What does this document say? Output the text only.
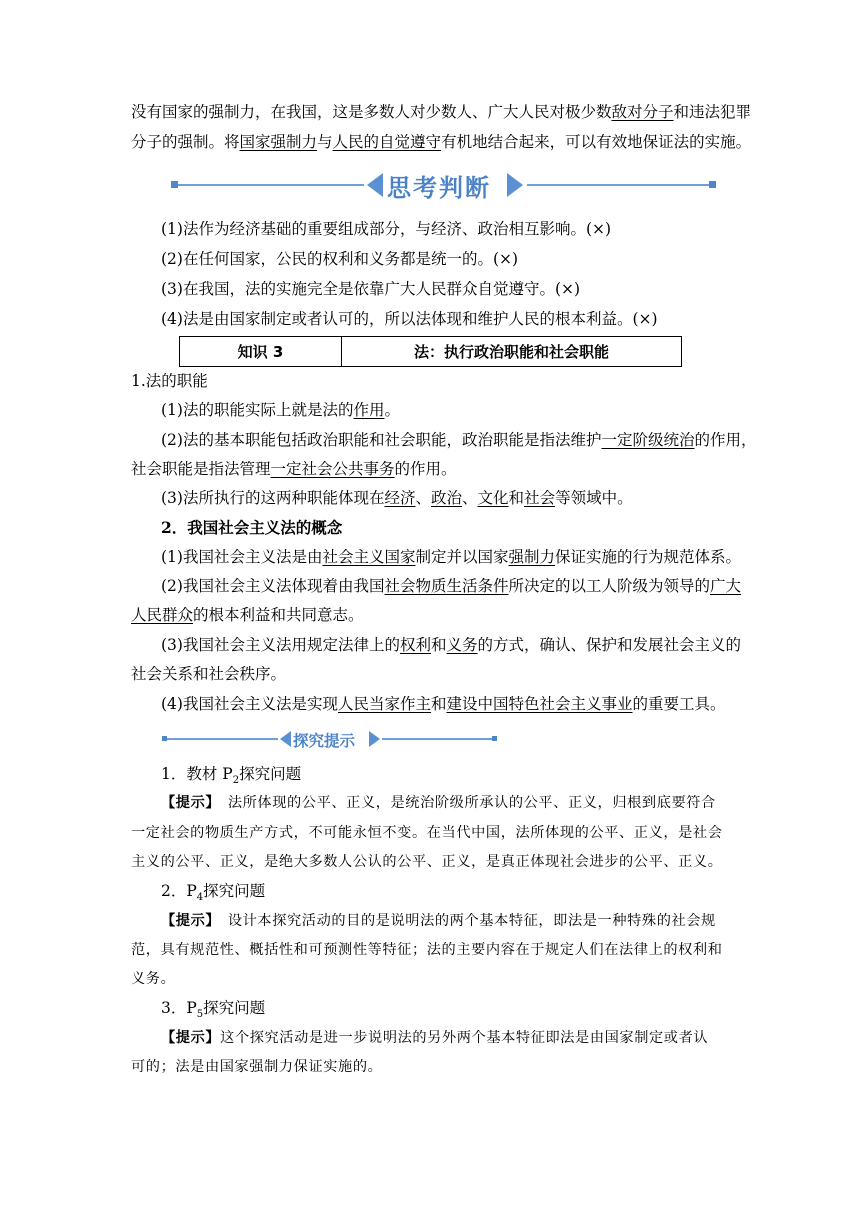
没有国家的强制力，在我国，这是多数人对少数人、广大人民对极少数敌对分子和违法犯罪
分子的强制。将国家强制力与人民的自觉遵守有机地结合起来，可以有效地保证法的实施。
思考判断
(1)法作为经济基础的重要组成部分，与经济、政治相互影响。(×)
(2)在任何国家，公民的权利和义务都是统一的。(×)
(3)在我国，法的实施完全是依靠广大人民群众自觉遵守。(×)
(4)法是由国家制定或者认可的，所以法体现和维护人民的根本利益。(×)
知识 3	法：执行政治职能和社会职能
1.法的职能
(1)法的职能实际上就是法的作用。
(2)法的基本职能包括政治职能和社会职能，政治职能是指法维护一定阶级统治的作用，
社会职能是指法管理一定社会公共事务的作用。
(3)法所执行的这两种职能体现在经济、政治、文化和社会等领域中。
2．我国社会主义法的概念
(1)我国社会主义法是由社会主义国家制定并以国家强制力保证实施的行为规范体系。
(2)我国社会主义法体现着由我国社会物质生活条件所决定的以工人阶级为领导的广大
人民群众的根本利益和共同意志。
(3)我国社会主义法用规定法律上的权利和义务的方式，确认、保护和发展社会主义的
社会关系和社会秩序。
(4)我国社会主义法是实现人民当家作主和建设中国特色社会主义事业的重要工具。
探究提示
1．教材 $P_2$探究问题
【提示】　法所体现的公平、正义，是统治阶级所承认的公平、正义，归根到底要符合
一定社会的物质生产方式，不可能永恒不变。在当代中国，法所体现的公平、正义，是社会
主义的公平、正义，是绝大多数人公认的公平、正义，是真正体现社会进步的公平、正义。
2．$P_4$探究问题
【提示】　设计本探究活动的目的是说明法的两个基本特征，即法是一种特殊的社会规
范，具有规范性、概括性和可预测性等特征；法的主要内容在于规定人们在法律上的权利和
义务。
3．$P_5$探究问题
【提示】这个探究活动是进一步说明法的另外两个基本特征即法是由国家制定或者认
可的；法是由国家强制力保证实施的。
